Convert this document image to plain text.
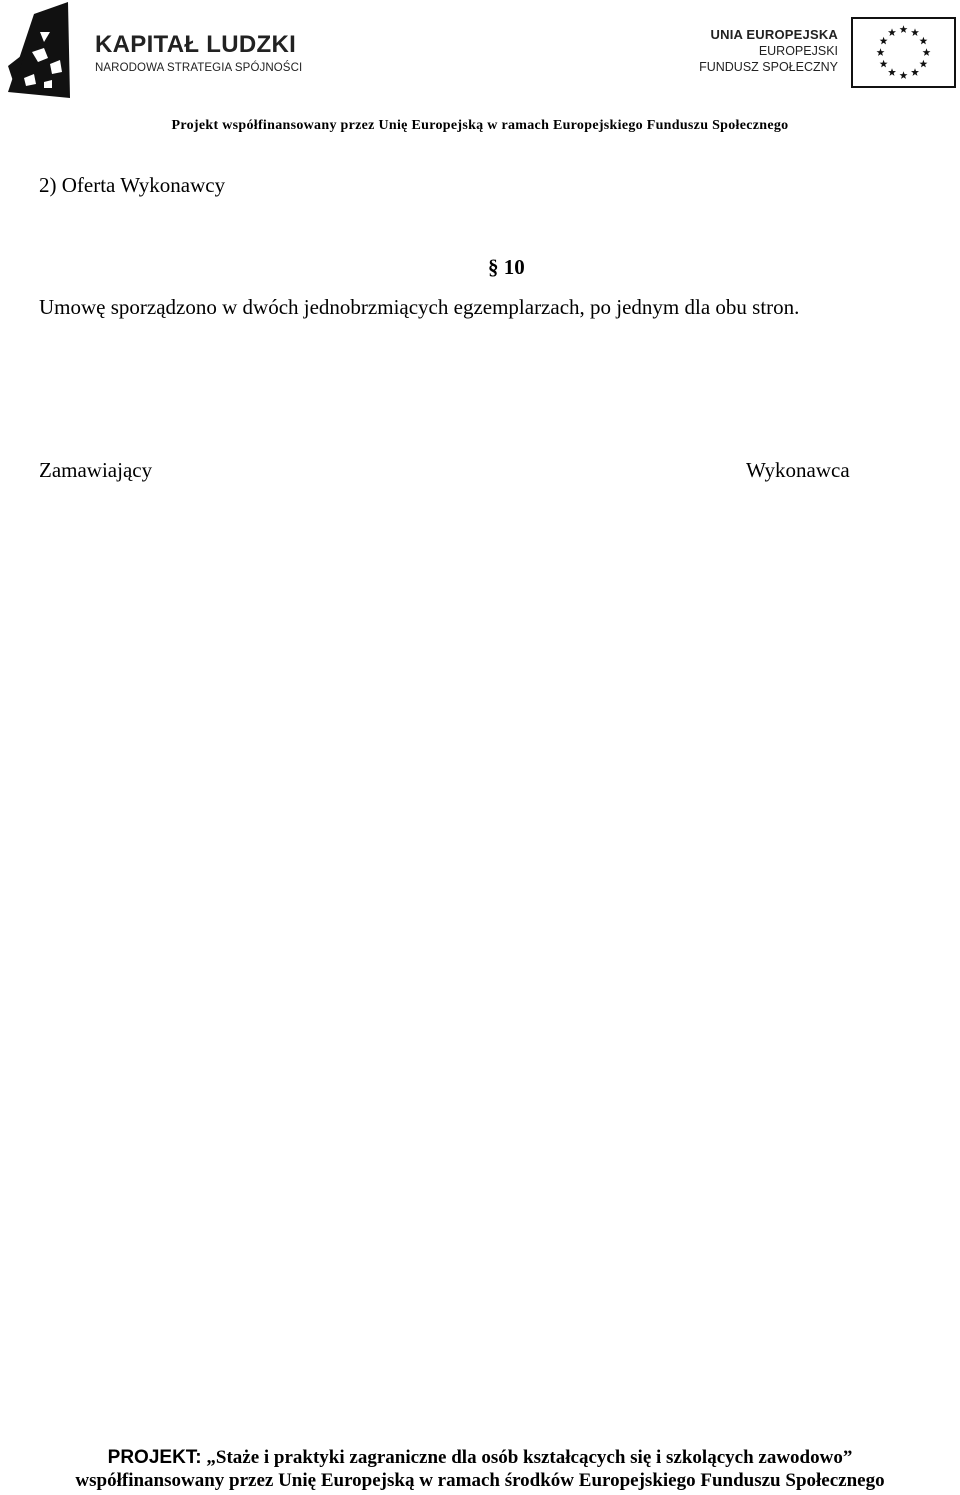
KAPITAŁ LUDZKI
NARODOWA STRATEGIA SPÓJNOŚCI
UNIA EUROPEJSKA
EUROPEJSKI
FUNDUSZ SPOŁECZNY
Projekt współfinansowany przez Unię Europejską w ramach Europejskiego Funduszu Społecznego
2) Oferta Wykonawcy
§ 10
Umowę sporządzono w dwóch jednobrzmiących egzemplarzach, po jednym dla obu stron.
Zamawiający	Wykonawca
PROJEKT: „Staże i praktyki zagraniczne dla osób kształcących się i szkolących zawodowo”
współfinansowany przez Unię Europejską w ramach środków Europejskiego Funduszu Społecznego
